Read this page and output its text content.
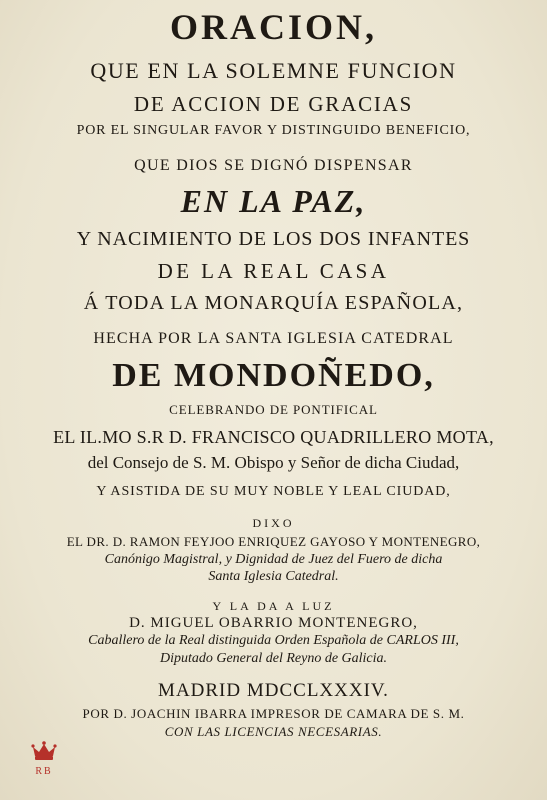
ORACION,
QUE EN LA SOLEMNE FUNCION
DE ACCION DE GRACIAS
POR EL SINGULAR FAVOR Y DISTINGUIDO BENEFICIO,
QUE DIOS SE DIGNÓ DISPENSAR
EN LA PAZ,
Y NACIMIENTO DE LOS DOS INFANTES
DE LA REAL CASA
Á TODA LA MONARQUÍA ESPAÑOLA,
HECHA POR LA SANTA IGLESIA CATEDRAL
DE MONDOÑEDO,
CELEBRANDO DE PONTIFICAL
EL IL.MO S.R D. FRANCISCO QUADRILLERO MOTA,
del Consejo de S. M. Obispo y Señor de dicha Ciudad,
Y ASISTIDA DE SU MUY NOBLE Y LEAL CIUDAD,
DIXO
EL DR. D. RAMON FEYJOO ENRIQUEZ GAYOSO Y MONTENEGRO,
Canónigo Magistral, y Dignidad de Juez del Fuero de dicha
Santa Iglesia Catedral.
Y LA DA A LUZ
D. MIGUEL OBARRIO MONTENEGRO,
Caballero de la Real distinguida Orden Española de CARLOS III,
Diputado General del Reyno de Galicia.
MADRID MDCCLXXXIV.
POR D. JOACHIN IBARRA IMPRESOR DE CAMARA DE S. M.
CON LAS LICENCIAS NECESARIAS.
RB
